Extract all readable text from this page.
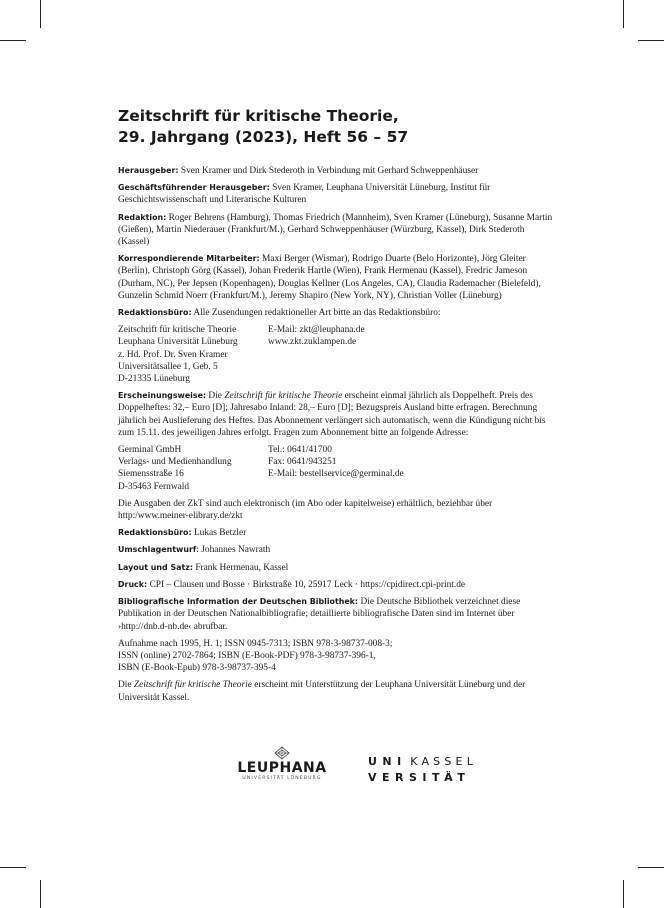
Zeitschrift für kritische Theorie,
29. Jahrgang (2023), Heft 56 – 57
Herausgeber: Sven Kramer und Dirk Stederoth in Verbindung mit Gerhard Schweppenhäuser
Geschäftsführender Herausgeber: Sven Kramer, Leuphana Universität Lüneburg, Institut für Geschichtswissenschaft und Literarische Kulturen
Redaktion: Roger Behrens (Hamburg), Thomas Friedrich (Mannheim), Sven Kramer (Lüneburg), Susanne Martin (Gießen), Martin Niederauer (Frankfurt/M.), Gerhard Schweppenhäuser (Würzburg, Kassel), Dirk Stederoth (Kassel)
Korrespondierende Mitarbeiter: Maxi Berger (Wismar), Rodrigo Duarte (Belo Horizonte), Jörg Gleiter (Berlin), Christoph Görg (Kassel), Johan Frederik Hartle (Wien), Frank Hermenau (Kassel), Fredric Jameson (Durham, NC), Per Jepsen (Kopenhagen), Douglas Kellner (Los Angeles, CA), Claudia Rademacher (Bielefeld), Gunzelin Schmid Noerr (Frankfurt/M.), Jeremy Shapiro (New York, NY), Christian Voller (Lüneburg)
Redaktionsbüro: Alle Zusendungen redaktioneller Art bitte an das Redaktionsbüro:
Zeitschrift für kritische Theorie
Leuphana Universität Lüneburg
z. Hd. Prof. Dr. Sven Kramer
Universitätsallee 1, Geb. 5
D-21335 Lüneburg
E-Mail: zkt@leuphana.de
www.zkt.zuklampen.de
Erscheinungsweise: Die Zeitschrift für kritische Theorie erscheint einmal jährlich als Doppelheft. Preis des Doppelheftes: 32,– Euro [D]; Jahresabo Inland: 28,– Euro [D]; Bezugspreis Ausland bitte erfragen. Berechnung jährlich bei Auslieferung des Heftes. Das Abonnement verlängert sich automatisch, wenn die Kündigung nicht bis zum 15.11. des jeweiligen Jahres erfolgt. Fragen zum Abonnement bitte an folgende Adresse:
Germinal GmbH
Verlags- und Medienhandlung
Siemensstraße 16
D-35463 Fernwald
Tel.: 0641/41700
Fax: 0641/943251
E-Mail: bestellservice@germinal.de
Die Ausgaben der ZkT sind auch elektronisch (im Abo oder kapitelweise) erhältlich, beziehbar über http:/www.meiner-elibrary.de/zkt
Redaktionsbüro: Lukas Betzler
Umschlagentwurf: Johannes Nawrath
Layout und Satz: Frank Hermenau, Kassel
Druck: CPI – Clausen und Bosse · Birkstraße 10, 25917 Leck · https://cpidirect.cpi-print.de
Bibliografische Information der Deutschen Bibliothek: Die Deutsche Bibliothek verzeichnet diese Publikation in der Deutschen Nationalbibliografie; detaillierte bibliografische Daten sind im Internet über ›http://dnb.d-nb.de‹ abrufbar.
Aufnahme nach 1995, H. 1; ISSN 0945-7313; ISBN 978-3-98737-008-3;
ISSN (online) 2702-7864; ISBN (E-Book-PDF) 978-3-98737-396-1,
ISBN (E-Book-Epub) 978-3-98737-395-4
Die Zeitschrift für kritische Theorie erscheint mit Unterstützung der Leuphana Universität Lüneburg und der Universität Kassel.
LEUPHANA
UNIVERSITÄT LÜNEBURG
UNI KASSEL
VERSITÄT
